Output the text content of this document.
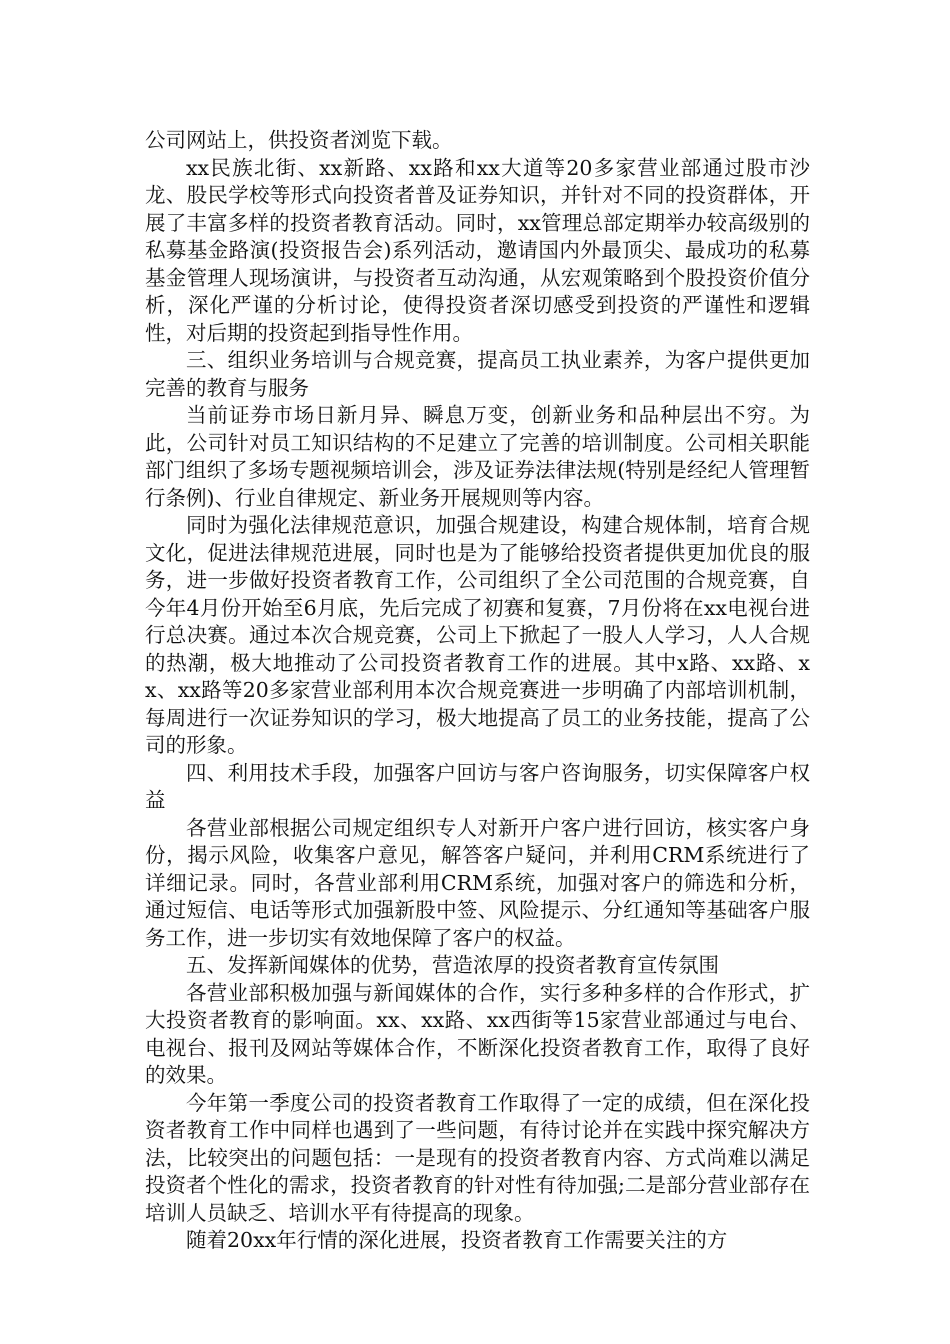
公司网站上，供投资者浏览下载。

xx民族北街、xx新路、xx路和xx大道等20多家营业部通过股市沙龙、股民学校等形式向投资者普及证券知识，并针对不同的投资群体，开展了丰富多样的投资者教育活动。同时，xx管理总部定期举办较高级别的私募基金路演(投资报告会)系列活动，邀请国内外最顶尖、最成功的私募基金管理人现场演讲，与投资者互动沟通，从宏观策略到个股投资价值分析，深化严谨的分析讨论，使得投资者深切感受到投资的严谨性和逻辑性，对后期的投资起到指导性作用。

三、组织业务培训与合规竞赛，提高员工执业素养，为客户提供更加完善的教育与服务

当前证券市场日新月异、瞬息万变，创新业务和品种层出不穷。为此，公司针对员工知识结构的不足建立了完善的培训制度。公司相关职能部门组织了多场专题视频培训会，涉及证券法律法规(特别是经纪人管理暂行条例)、行业自律规定、新业务开展规则等内容。

同时为强化法律规范意识，加强合规建设，构建合规体制，培育合规文化，促进法律规范进展，同时也是为了能够给投资者提供更加优良的服务，进一步做好投资者教育工作，公司组织了全公司范围的合规竞赛，自今年4月份开始至6月底，先后完成了初赛和复赛，7月份将在xx电视台进行总决赛。通过本次合规竞赛，公司上下掀起了一股人人学习，人人合规的热潮，极大地推动了公司投资者教育工作的进展。其中x路、xx路、xx、xx路等20多家营业部利用本次合规竞赛进一步明确了内部培训机制，每周进行一次证券知识的学习，极大地提高了员工的业务技能，提高了公司的形象。

四、利用技术手段，加强客户回访与客户咨询服务，切实保障客户权益

各营业部根据公司规定组织专人对新开户客户进行回访，核实客户身份，揭示风险，收集客户意见，解答客户疑问，并利用CRM系统进行了详细记录。同时，各营业部利用CRM系统，加强对客户的筛选和分析，通过短信、电话等形式加强新股中签、风险提示、分红通知等基础客户服务工作，进一步切实有效地保障了客户的权益。

五、发挥新闻媒体的优势，营造浓厚的投资者教育宣传氛围

各营业部积极加强与新闻媒体的合作，实行多种多样的合作形式，扩大投资者教育的影响面。xx、xx路、xx西街等15家营业部通过与电台、电视台、报刊及网站等媒体合作，不断深化投资者教育工作，取得了良好的效果。

今年第一季度公司的投资者教育工作取得了一定的成绩，但在深化投资者教育工作中同样也遇到了一些问题，有待讨论并在实践中探究解决方法，比较突出的问题包括：一是现有的投资者教育内容、方式尚难以满足投资者个性化的需求，投资者教育的针对性有待加强;二是部分营业部存在培训人员缺乏、培训水平有待提高的现象。

随着20xx年行情的深化进展，投资者教育工作需要关注的方
